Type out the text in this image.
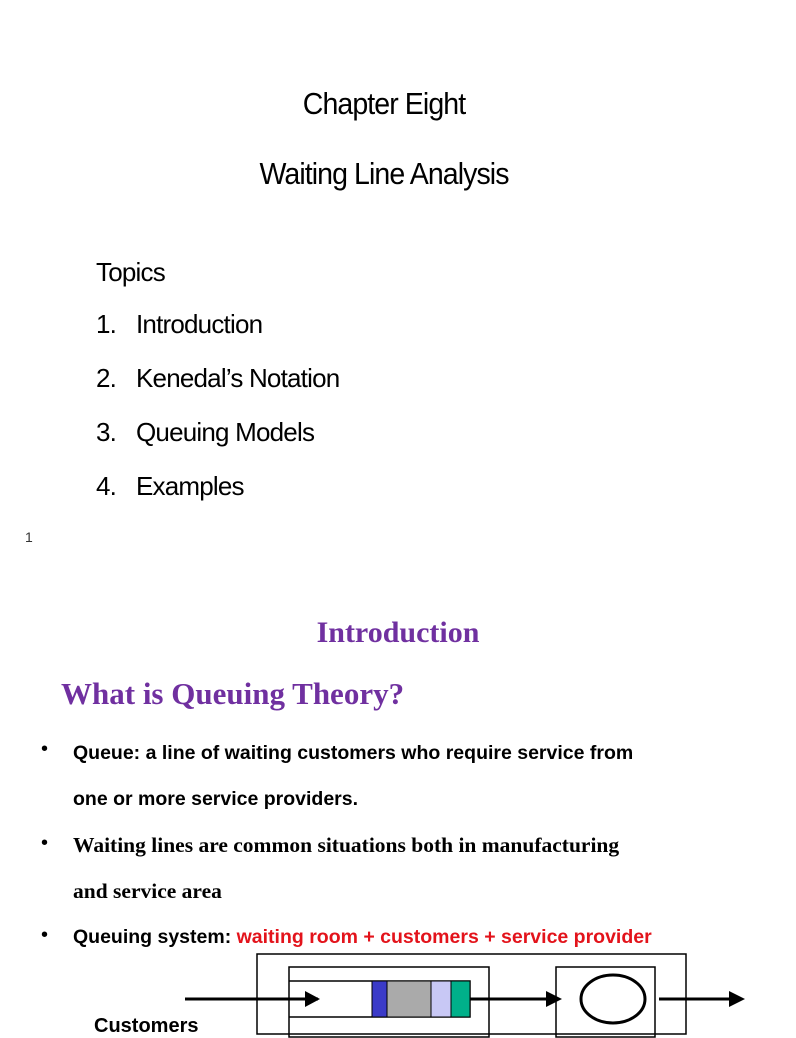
Chapter Eight
Waiting Line Analysis
Topics
1. Introduction
2. Kenedal’s Notation
3. Queuing Models
4. Examples
1
Introduction
What is Queuing Theory?
• Queue: a line of waiting customers who require service from
one or more service providers.
• Waiting lines are common situations both in manufacturing
and service area
• Queuing system: waiting room + customers + service provider
Customers
